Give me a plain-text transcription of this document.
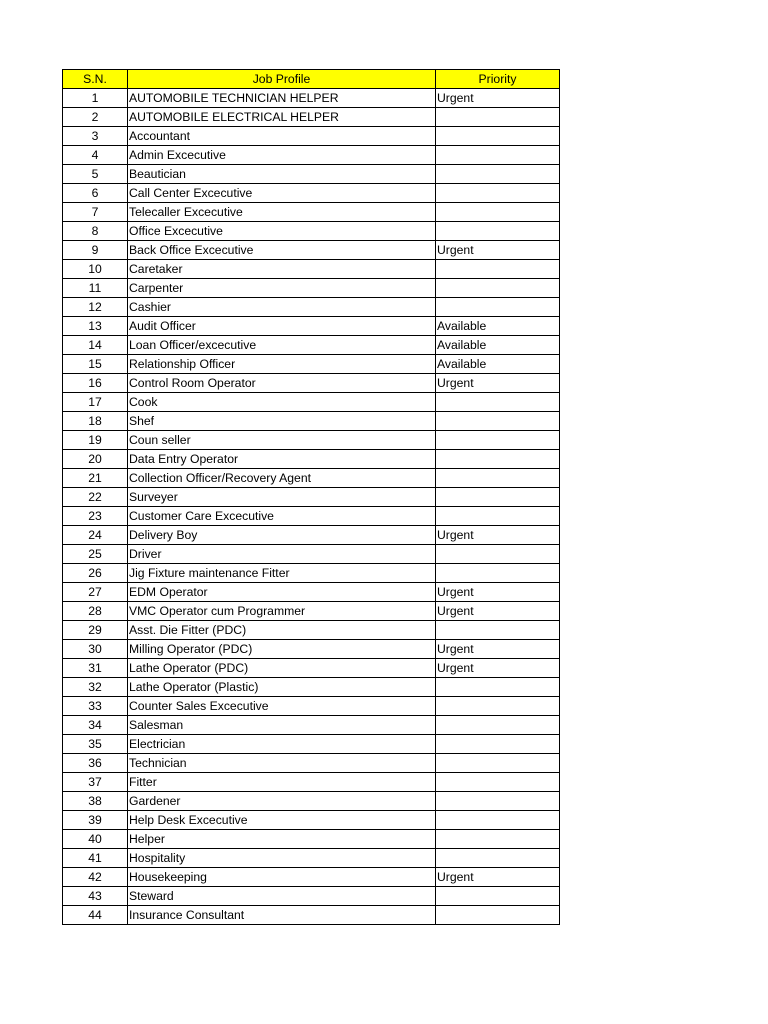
S.N.	Job Profile	Priority
1	AUTOMOBILE TECHNICIAN HELPER	Urgent
2	AUTOMOBILE ELECTRICAL HELPER	
3	Accountant	
4	Admin Excecutive	
5	Beautician	
6	Call Center Excecutive	
7	Telecaller Excecutive	
8	Office Excecutive	
9	Back Office Excecutive	Urgent
10	Caretaker	
11	Carpenter	
12	Cashier	
13	Audit Officer	Available
14	Loan Officer/excecutive	Available
15	Relationship Officer	Available
16	Control Room Operator	Urgent
17	Cook	
18	Shef	
19	Coun seller	
20	Data Entry Operator	
21	Collection Officer/Recovery Agent	
22	Surveyer	
23	Customer Care Excecutive	
24	Delivery Boy	Urgent
25	Driver	
26	Jig Fixture maintenance Fitter	
27	EDM Operator	Urgent
28	VMC Operator cum Programmer	Urgent
29	Asst. Die Fitter (PDC)	
30	Milling Operator (PDC)	Urgent
31	Lathe Operator (PDC)	Urgent
32	Lathe Operator (Plastic)	
33	Counter Sales Excecutive	
34	Salesman	
35	Electrician	
36	Technician	
37	Fitter	
38	Gardener	
39	Help Desk Excecutive	
40	Helper	
41	Hospitality	
42	Housekeeping	Urgent
43	Steward	
44	Insurance Consultant	
